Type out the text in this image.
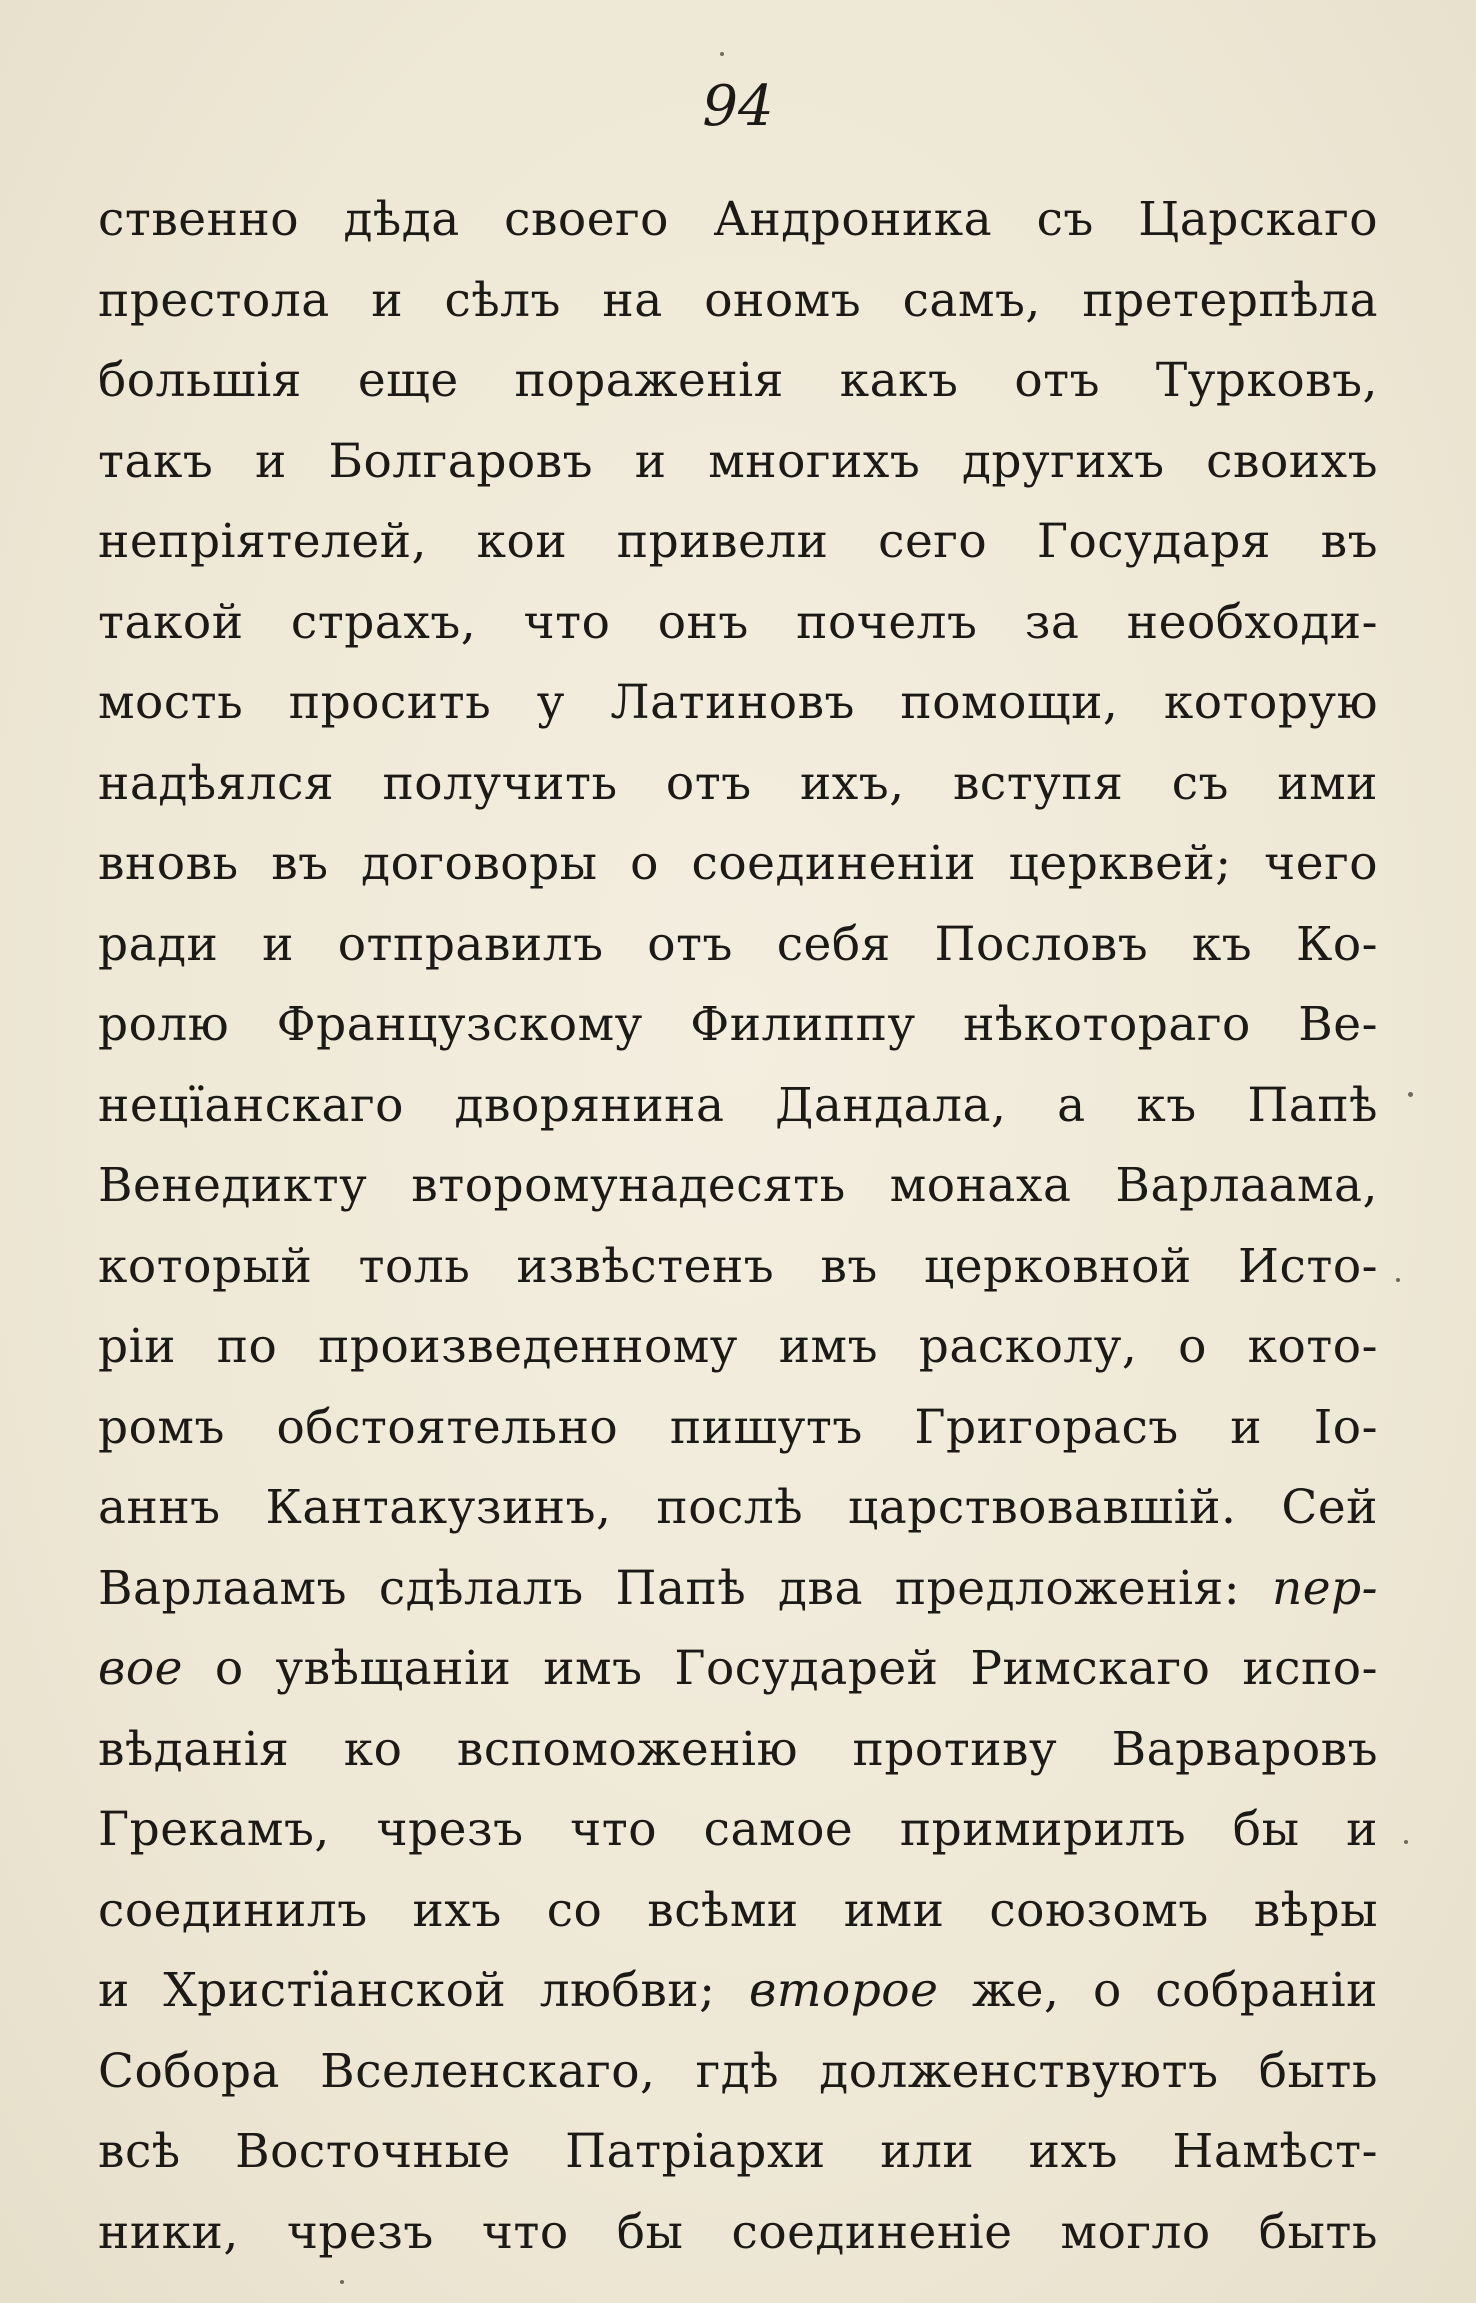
94
ственно дѣда своего Андроника съ Царскаго
престола и сѣлъ на ономъ самъ, претерпѣла
большія еще пораженія какъ отъ Турковъ,
такъ и Болгаровъ и многихъ другихъ своихъ
непріятелей, кои привели сего Государя въ
такой страхъ, что онъ почелъ за необходи-
мость просить у Латиновъ помощи, которую
надѣялся получить отъ ихъ, вступя съ ими
вновь въ договоры о соединеніи церквей; чего
ради и отправилъ отъ себя Пословъ къ Ко-
ролю Французскому Филиппу нѣкотораго Ве-
нецïанскаго дворянина Дандала, а къ Папѣ
Венедикту второмунадесять монаха Варлаама,
который толь извѣстенъ въ церковной Исто-
ріи по произведенному имъ расколу, о кото-
ромъ обстоятельно пишутъ Григорасъ и Іо-
аннъ Кантакузинъ, послѣ царствовавшій. Сей
Варлаамъ сдѣлалъ Папѣ два предложенія: пер-
вое о увѣщаніи имъ Государей Римскаго испо-
вѣданія ко вспоможенію противу Варваровъ
Грекамъ, чрезъ что самое примирилъ бы и
соединилъ ихъ со всѣми ими союзомъ вѣры
и Христïанской любви; второе же, о собраніи
Собора Вселенскаго, гдѣ долженствуютъ быть
всѣ Восточные Патріархи или ихъ Намѣст-
ники, чрезъ что бы соединеніе могло быть
